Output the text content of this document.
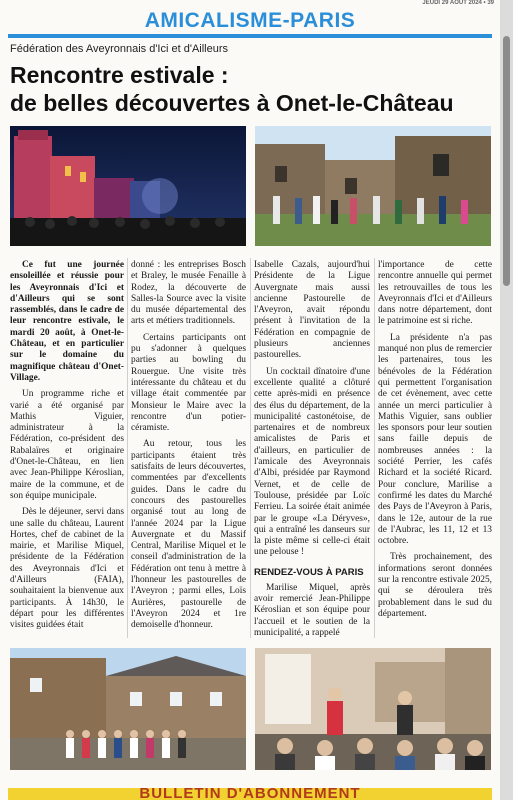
JEUDI 29 AOÛT 2024 • 39
AMICALISME-PARIS
Fédération des Aveyronnais d'Ici et d'Ailleurs
Rencontre estivale :
de belles découvertes à Onet-le-Château

Ce fut une journée ensoleillée et réussie pour les Aveyronnais d'Ici et d'Ailleurs qui se sont rassemblés, dans le cadre de leur rencontre estivale, le mardi 20 août, à Onet-le-Château, et en particulier sur le domaine du magnifique château d'Onet-Village.

Un programme riche et varié a été organisé par Mathis Viguier, administrateur à la Fédération, co-président des Rabalaïres et originaire d'Onet-le-Château, en lien avec Jean-Philippe Kéroslian, maire de la commune, et de son équipe municipale.

Dès le déjeuner, servi dans une salle du château, Laurent Hortes, chef de cabinet de la mairie, et Marilise Miquel, présidente de la Fédération des Aveyronnais d'Ici et d'Ailleurs (FAIA), souhaitaient la bienvenue aux participants. À 14h30, le départ pour les différentes visites guidées était

donné : les entreprises Bosch et Braley, le musée Fenaille à Rodez, la découverte de Salles-la Source avec la visite du musée départemental des arts et métiers traditionnels.

Certains participants ont pu s'adonner à quelques parties au bowling du Rouergue. Une visite très intéressante du château et du village était commentée par Monsieur le Maire avec la rencontre d'un potier-céramiste.

Au retour, tous les participants étaient très satisfaits de leurs découvertes, commentées par d'excellents guides. Dans le cadre du concours des pastourelles organisé tout au long de l'année 2024 par la Ligue Auvergnate et du Massif Central, Marilise Miquel et le conseil d'administration de la Fédération ont tenu à mettre à l'honneur les pastourelles de l'Aveyron ; parmi elles, Loïs Aurières, pastourelle de l'Aveyron 2024 et 1re demoiselle d'honneur.

Isabelle Cazals, aujourd'hui Présidente de la Ligue Auvergnate mais aussi ancienne Pastourelle de l'Aveyron, avait répondu présent à l'invitation de la Fédération en compagnie de plusieurs anciennes pastourelles.

Un cocktail dînatoire d'une excellente qualité a clôturé cette après-midi en présence des élus du département, de la municipalité castonétoise, de partenaires et de nombreux amicalistes de Paris et d'ailleurs, en particulier de l'amicale des Aveyronnais d'Albi, présidée par Raymond Vernet, et de celle de Toulouse, présidée par Loïc Ferrieu. La soirée était animée par le groupe «La Déryves», qui a entraîné les danseurs sur la piste même si celle-ci était une pelouse !

RENDEZ-VOUS À PARIS

Marilise Miquel, après avoir remercié Jean-Philippe Kéroslian et son équipe pour l'accueil et le soutien de la municipalité, a rappelé

l'importance de cette rencontre annuelle qui permet les retrouvailles de tous les Aveyronnais d'Ici et d'Ailleurs dans notre département, dont le patrimoine est si riche.

La présidente n'a pas manqué non plus de remercier les partenaires, tous les bénévoles de la Fédération qui permettent l'organisation de cet évènement, avec cette année un merci particulier à Mathis Viguier, sans oublier les sponsors pour leur soutien sans faille depuis de nombreuses années : la société Perrier, les cafés Richard et la société Ricard. Pour conclure, Marilise a confirmé les dates du Marché des Pays de l'Aveyron à Paris, dans le 12e, autour de la rue de l'Aubrac, les 11, 12 et 13 octobre.

Très prochainement, des informations seront données sur la rencontre estivale 2025, qui se déroulera très probablement dans le sud du département.

BULLETIN D'ABONNEMENT
